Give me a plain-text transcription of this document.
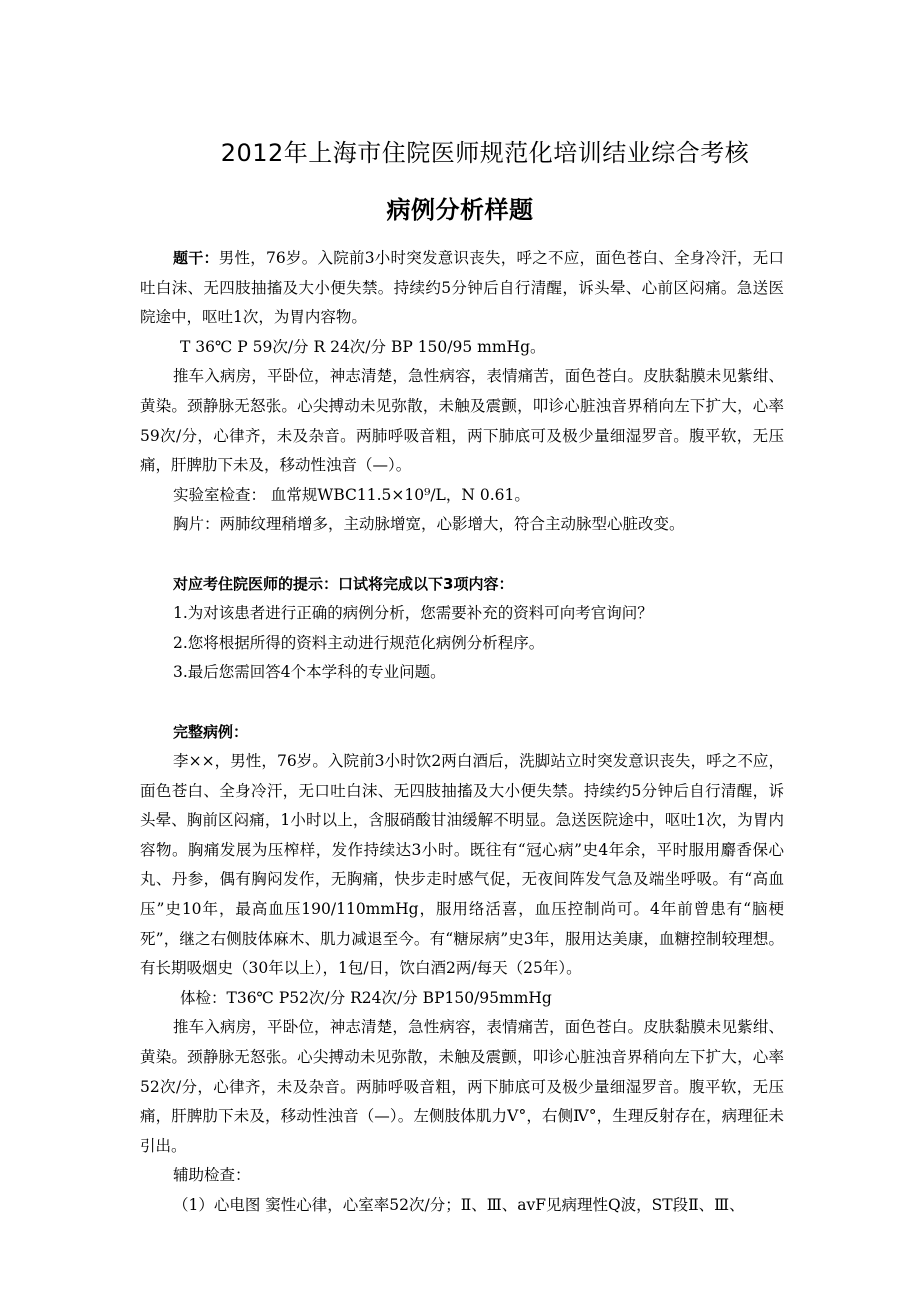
2012年上海市住院医师规范化培训结业综合考核
病例分析样题

题干：男性，76岁。入院前3小时突发意识丧失，呼之不应，面色苍白、全身冷汗，无口吐白沫、无四肢抽搐及大小便失禁。持续约5分钟后自行清醒，诉头晕、心前区闷痛。急送医院途中，呕吐1次，为胃内容物。

T 36℃ P 59次/分 R 24次/分 BP 150/95 mmHg。

推车入病房，平卧位，神志清楚，急性病容，表情痛苦，面色苍白。皮肤黏膜未见紫绀、黄染。颈静脉无怒张。心尖搏动未见弥散，未触及震颤，叩诊心脏浊音界稍向左下扩大，心率59次/分，心律齐，未及杂音。两肺呼吸音粗，两下肺底可及极少量细湿罗音。腹平软，无压痛，肝脾肋下未及，移动性浊音（—）。

实验室检查： 血常规WBC11.5×10⁹/L，N 0.61。

胸片：两肺纹理稍增多，主动脉增宽，心影增大，符合主动脉型心脏改变。

对应考住院医师的提示：口试将完成以下3项内容：

1.为对该患者进行正确的病例分析，您需要补充的资料可向考官询问？

2.您将根据所得的资料主动进行规范化病例分析程序。

3.最后您需回答4个本学科的专业问题。

完整病例：

李××，男性，76岁。入院前3小时饮2两白酒后，洗脚站立时突发意识丧失，呼之不应，面色苍白、全身冷汗，无口吐白沫、无四肢抽搐及大小便失禁。持续约5分钟后自行清醒，诉头晕、胸前区闷痛，1小时以上，含服硝酸甘油缓解不明显。急送医院途中，呕吐1次，为胃内容物。胸痛发展为压榨样，发作持续达3小时。既往有“冠心病”史4年余，平时服用麝香保心丸、丹参，偶有胸闷发作，无胸痛，快步走时感气促，无夜间阵发气急及端坐呼吸。有“高血压”史10年，最高血压190/110mmHg，服用络活喜，血压控制尚可。4年前曾患有“脑梗死”，继之右侧肢体麻木、肌力减退至今。有“糖尿病”史3年，服用达美康，血糖控制较理想。有长期吸烟史（30年以上），1包/日，饮白酒2两/每天（25年）。

体检：T36℃ P52次/分 R24次/分 BP150/95mmHg

推车入病房，平卧位，神志清楚，急性病容，表情痛苦，面色苍白。皮肤黏膜未见紫绀、黄染。颈静脉无怒张。心尖搏动未见弥散，未触及震颤，叩诊心脏浊音界稍向左下扩大，心率52次/分，心律齐，未及杂音。两肺呼吸音粗，两下肺底可及极少量细湿罗音。腹平软，无压痛，肝脾肋下未及，移动性浊音（—）。左侧肢体肌力Ⅴ°，右侧Ⅳ°，生理反射存在，病理征未引出。

辅助检查：

（1）心电图 窦性心律，心室率52次/分；Ⅱ、Ⅲ、avF见病理性Q波，ST段Ⅱ、Ⅲ、
